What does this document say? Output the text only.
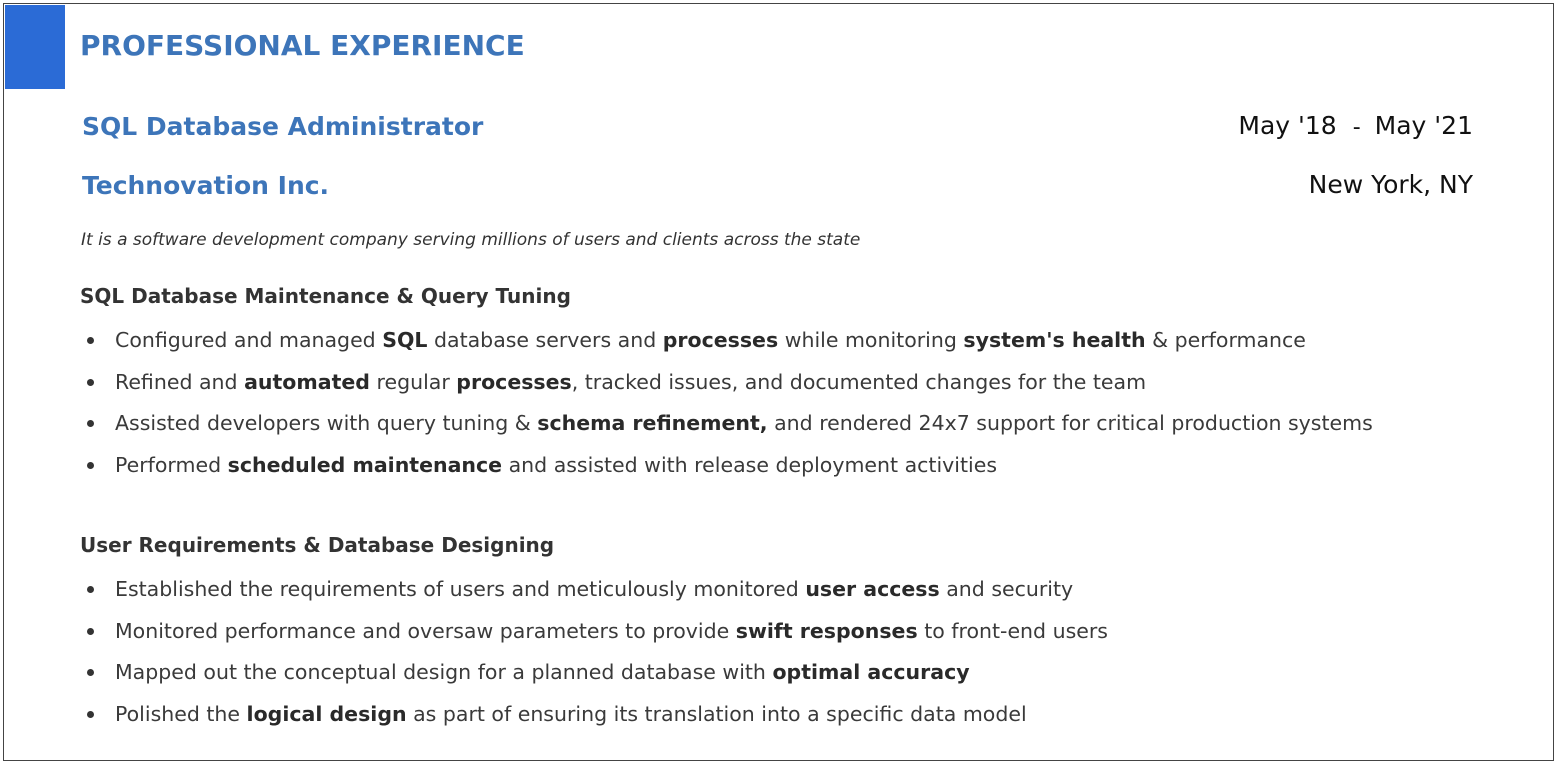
PROFESSIONAL EXPERIENCE
SQL Database Administrator	May '18 - May '21
Technovation Inc.	New York, NY
It is a software development company serving millions of users and clients across the state
SQL Database Maintenance & Query Tuning
Configured and managed SQL database servers and processes while monitoring system's health & performance
Refined and automated regular processes, tracked issues, and documented changes for the team
Assisted developers with query tuning & schema refinement, and rendered 24x7 support for critical production systems
Performed scheduled maintenance and assisted with release deployment activities
User Requirements & Database Designing
Established the requirements of users and meticulously monitored user access and security
Monitored performance and oversaw parameters to provide swift responses to front-end users
Mapped out the conceptual design for a planned database with optimal accuracy
Polished the logical design as part of ensuring its translation into a specific data model
